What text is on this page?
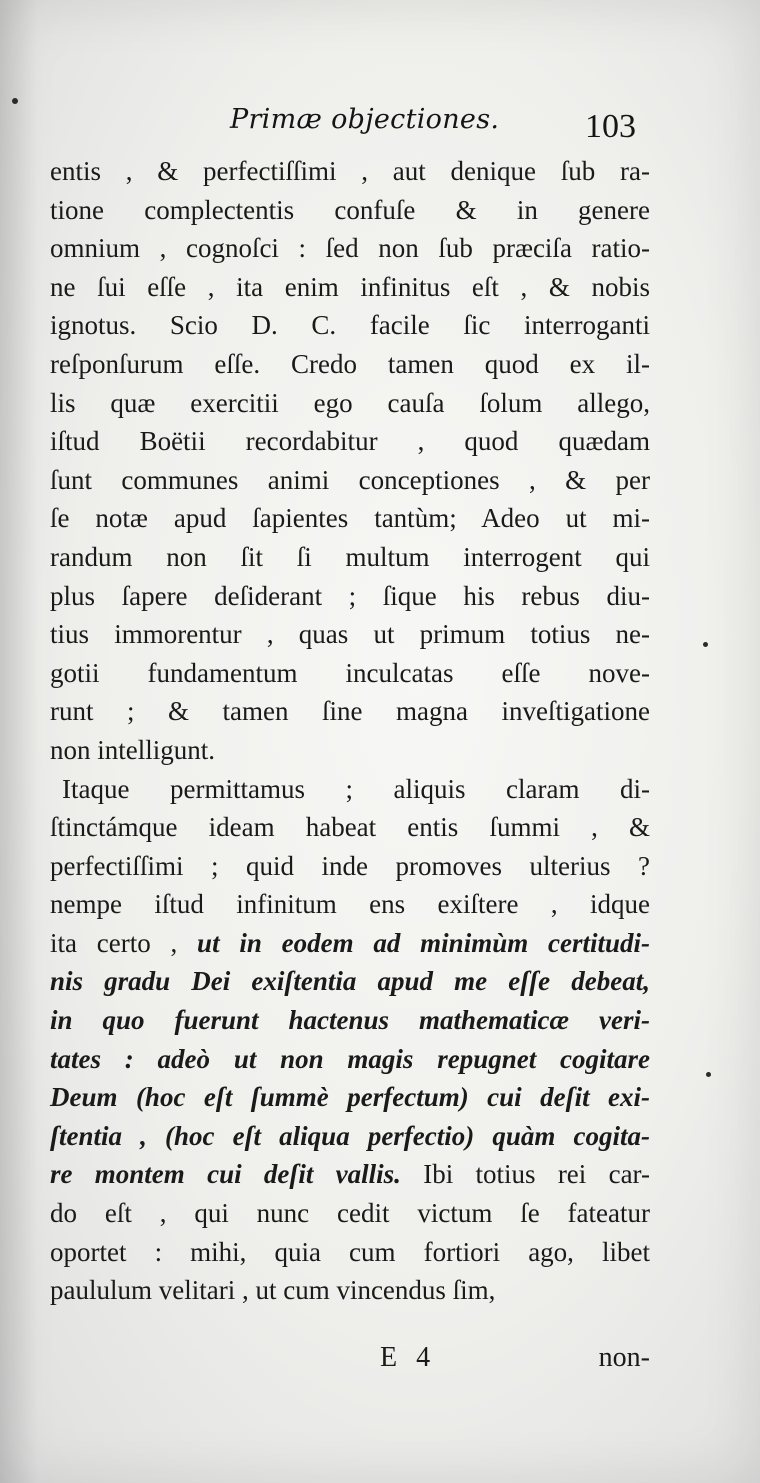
Primæ objectiones.	103
entis , & perfectiſſimi , aut denique ſub ra-
tione complectentis confuſe & in genere
omnium , cognoſci : ſed non ſub præciſa ratio-
ne ſui eſſe , ita enim infinitus eſt , & nobis
ignotus. Scio D. C. facile ſic interroganti
reſponſurum eſſe. Credo tamen quod ex il-
lis quæ exercitii ego cauſa ſolum allego,
iſtud Boëtii recordabitur , quod quædam
ſunt communes animi conceptiones , & per
ſe notæ apud ſapientes tantùm; Adeo ut mi-
randum non ſit ſi multum interrogent qui
plus ſapere deſiderant ; ſique his rebus diu-
tius immorentur , quas ut primum totius ne-
gotii fundamentum inculcatas eſſe nove-
runt ; & tamen ſine magna inveſtigatione
non intelligunt.
Itaque permittamus ; aliquis claram di-
ſtinctámque ideam habeat entis ſummi , &
perfectiſſimi ; quid inde promoves ulterius ?
nempe iſtud infinitum ens exiſtere , idque
ita certo , ut in eodem ad minimùm certitudi-
nis gradu Dei exiſtentia apud me eſſe debeat,
in quo fuerunt hactenus mathematicæ veri-
tates : adeò ut non magis repugnet cogitare
Deum (hoc eſt ſummè perfectum) cui deſit exi-
ſtentia , (hoc eſt aliqua perfectio) quàm cogita-
re montem cui deſit vallis. Ibi totius rei car-
do eſt , qui nunc cedit victum ſe fateatur
oportet : mihi, quia cum fortiori ago, libet
paululum velitari , ut cum vincendus ſim,
E 4	non-
